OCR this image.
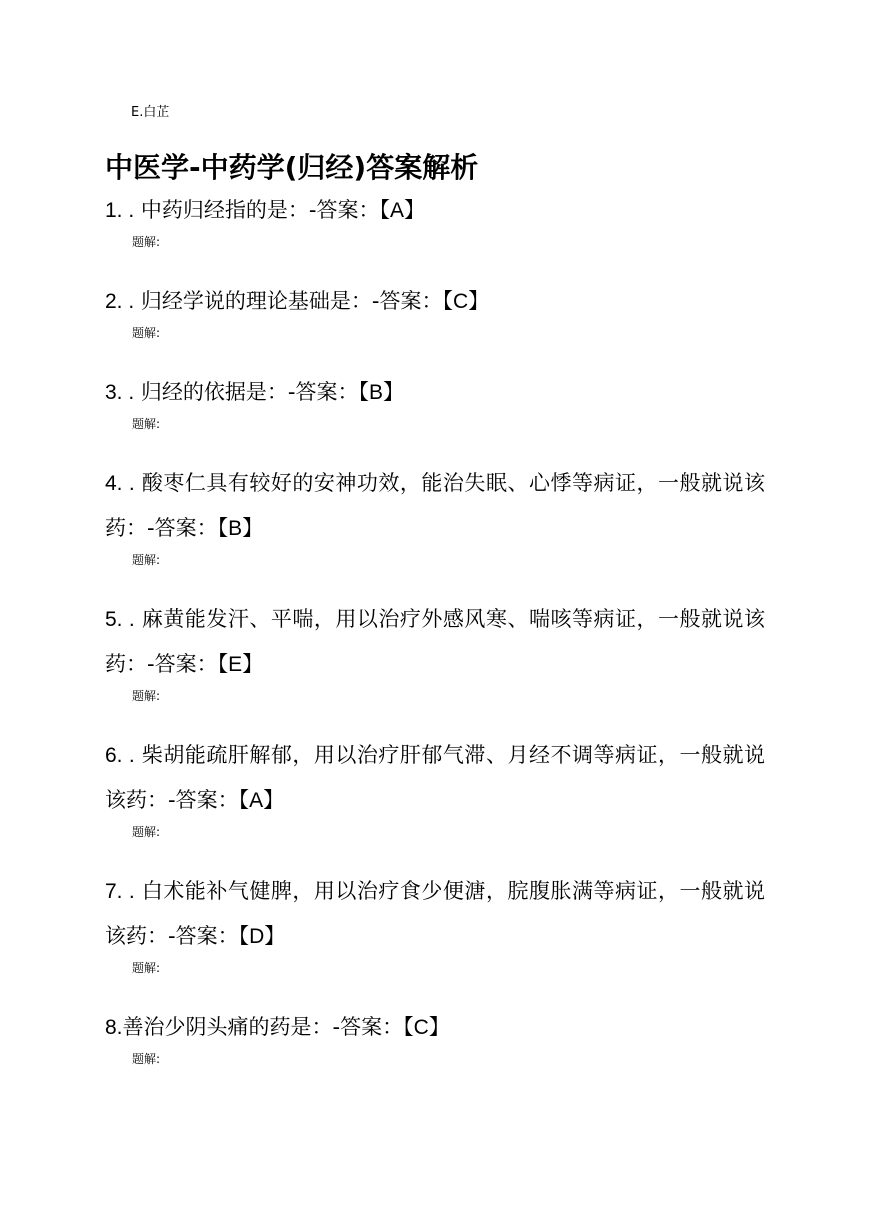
E.白芷
中医学-中药学(归经)答案解析

1. . 中药归经指的是：-答案：【A】

题解:

2. . 归经学说的理论基础是：-答案：【C】

题解:

3. . 归经的依据是：-答案：【B】

题解:

4. . 酸枣仁具有较好的安神功效，能治失眠、心悸等病证，一般就说该药：-答案：【B】

题解:

5. . 麻黄能发汗、平喘，用以治疗外感风寒、喘咳等病证，一般就说该药：-答案：【E】

题解:

6. . 柴胡能疏肝解郁，用以治疗肝郁气滞、月经不调等病证，一般就说该药：-答案：【A】

题解:

7. . 白术能补气健脾，用以治疗食少便溏，脘腹胀满等病证，一般就说该药：-答案：【D】

题解:

8.善治少阴头痛的药是：-答案：【C】

题解:
